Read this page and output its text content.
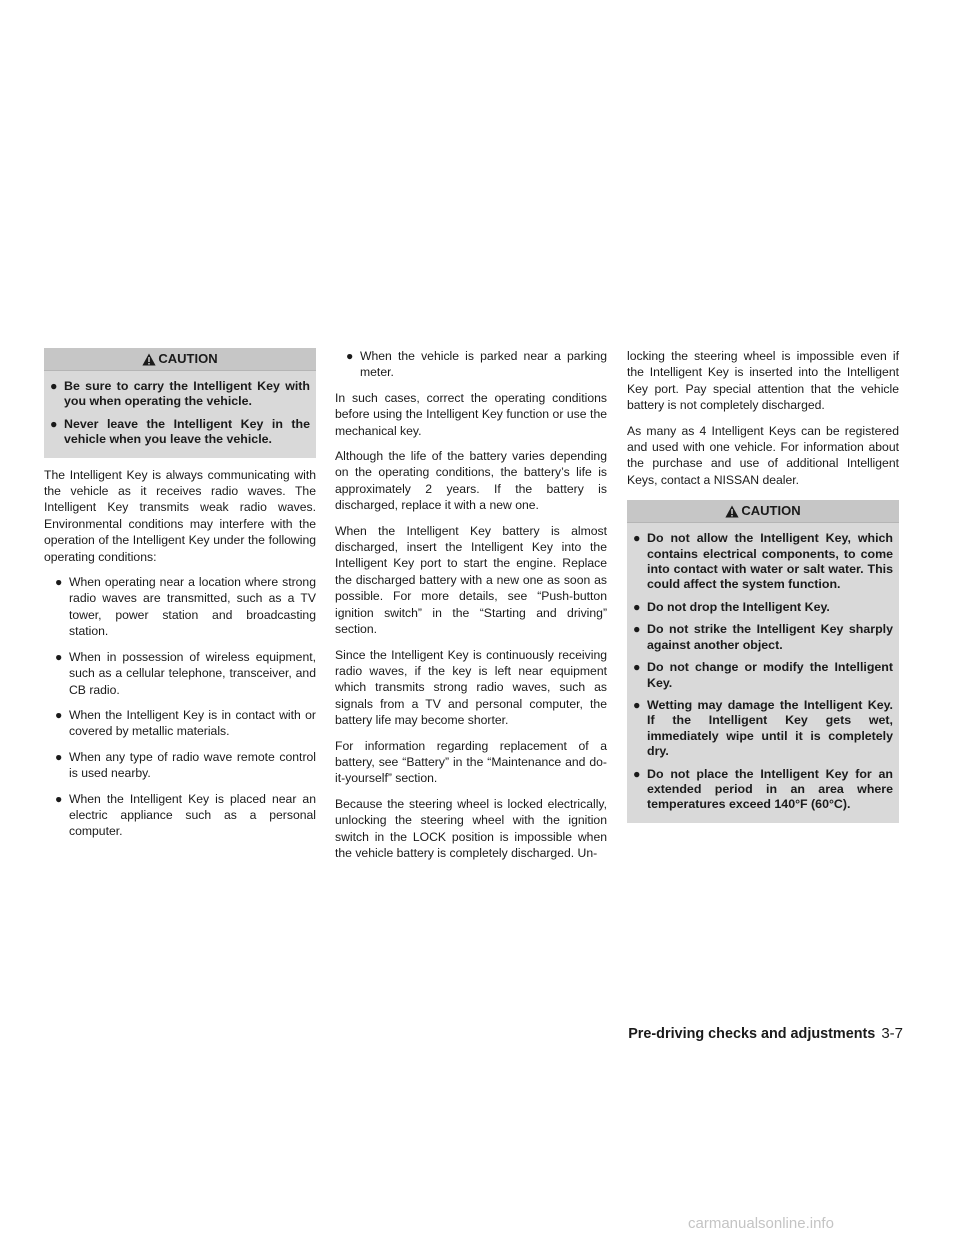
CAUTION
● Be sure to carry the Intelligent Key with you when operating the vehicle.
● Never leave the Intelligent Key in the vehicle when you leave the vehicle.

The Intelligent Key is always communicating with the vehicle as it receives radio waves. The Intelligent Key transmits weak radio waves. Environmental conditions may interfere with the operation of the Intelligent Key under the following operating conditions:

● When operating near a location where strong radio waves are transmitted, such as a TV tower, power station and broadcasting station.
● When in possession of wireless equipment, such as a cellular telephone, transceiver, and CB radio.
● When the Intelligent Key is in contact with or covered by metallic materials.
● When any type of radio wave remote control is used nearby.
● When the Intelligent Key is placed near an electric appliance such as a personal computer.
● When the vehicle is parked near a parking meter.

In such cases, correct the operating conditions before using the Intelligent Key function or use the mechanical key.

Although the life of the battery varies depending on the operating conditions, the battery’s life is approximately 2 years. If the battery is discharged, replace it with a new one.

When the Intelligent Key battery is almost discharged, insert the Intelligent Key into the Intelligent Key port to start the engine. Replace the discharged battery with a new one as soon as possible. For more details, see “Push-button ignition switch” in the “Starting and driving” section.

Since the Intelligent Key is continuously receiving radio waves, if the key is left near equipment which transmits strong radio waves, such as signals from a TV and personal computer, the battery life may become shorter.

For information regarding replacement of a battery, see “Battery” in the “Maintenance and do-it-yourself” section.

Because the steering wheel is locked electrically, unlocking the steering wheel with the ignition switch in the LOCK position is impossible when the vehicle battery is completely discharged. Un-

locking the steering wheel is impossible even if the Intelligent Key is inserted into the Intelligent Key port. Pay special attention that the vehicle battery is not completely discharged.

As many as 4 Intelligent Keys can be registered and used with one vehicle. For information about the purchase and use of additional Intelligent Keys, contact a NISSAN dealer.

CAUTION
● Do not allow the Intelligent Key, which contains electrical components, to come into contact with water or salt water. This could affect the system function.
● Do not drop the Intelligent Key.
● Do not strike the Intelligent Key sharply against another object.
● Do not change or modify the Intelligent Key.
● Wetting may damage the Intelligent Key. If the Intelligent Key gets wet, immediately wipe until it is completely dry.
● Do not place the Intelligent Key for an extended period in an area where temperatures exceed 140°F (60°C).
Pre-driving checks and adjustments 3-7
carmanualsonline.info
